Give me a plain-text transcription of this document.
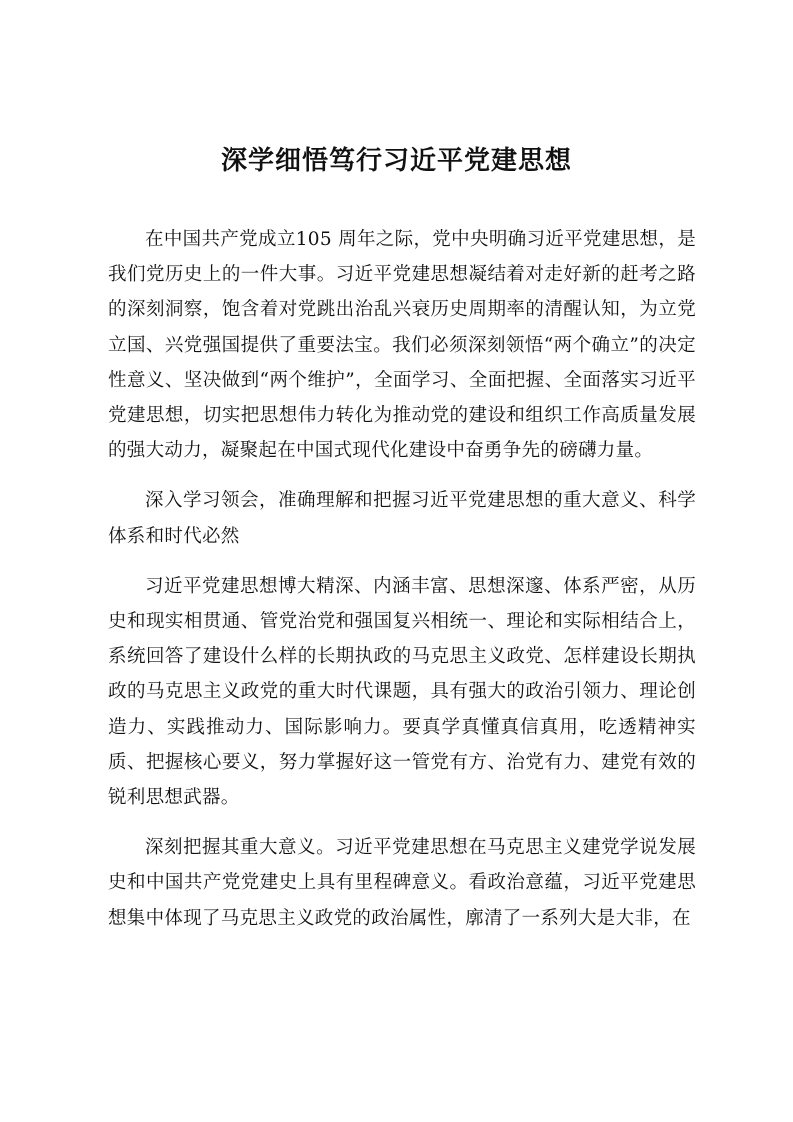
深学细悟笃行习近平党建思想

在中国共产党成立105 周年之际，党中央明确习近平党建思想，是我们党历史上的一件大事。习近平党建思想凝结着对走好新的赶考之路的深刻洞察，饱含着对党跳出治乱兴衰历史周期率的清醒认知，为立党立国、兴党强国提供了重要法宝。我们必须深刻领悟“两个确立”的决定性意义、坚决做到“两个维护”，全面学习、全面把握、全面落实习近平党建思想，切实把思想伟力转化为推动党的建设和组织工作高质量发展的强大动力，凝聚起在中国式现代化建设中奋勇争先的磅礴力量。

深入学习领会，准确理解和把握习近平党建思想的重大意义、科学体系和时代必然

习近平党建思想博大精深、内涵丰富、思想深邃、体系严密，从历史和现实相贯通、管党治党和强国复兴相统一、理论和实际相结合上，系统回答了建设什么样的长期执政的马克思主义政党、怎样建设长期执政的马克思主义政党的重大时代课题，具有强大的政治引领力、理论创造力、实践推动力、国际影响力。要真学真懂真信真用，吃透精神实质、把握核心要义，努力掌握好这一管党有方、治党有力、建党有效的锐利思想武器。

深刻把握其重大意义。习近平党建思想在马克思主义建党学说发展史和中国共产党党建史上具有里程碑意义。看政治意蕴，习近平党建思想集中体现了马克思主义政党的政治属性，廓清了一系列大是大非，在
